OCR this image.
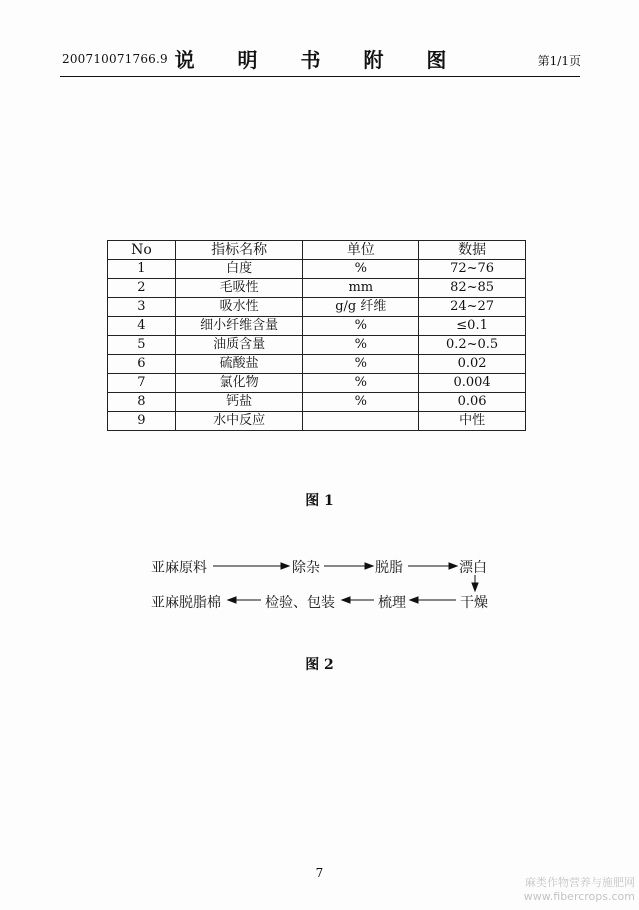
200710071766.9 说 明 书 附 图	第1/1页
No	指标名称	单位	数据
1	白度	%	72~76
2	毛吸性	mm	82~85
3	吸水性	g/g 纤维	24~27
4	细小纤维含量	%	≤0.1
5	油质含量	%	0.2~0.5
6	硫酸盐	%	0.02
7	氯化物	%	0.004
8	钙盐	%	0.06
9	水中反应		中性
图 1
亚麻原料	除杂	脱脂	漂白
亚麻脱脂棉	检验、包装	梳理	干燥
图 2
7
麻类作物营养与施肥网
www.fibercrops.com
